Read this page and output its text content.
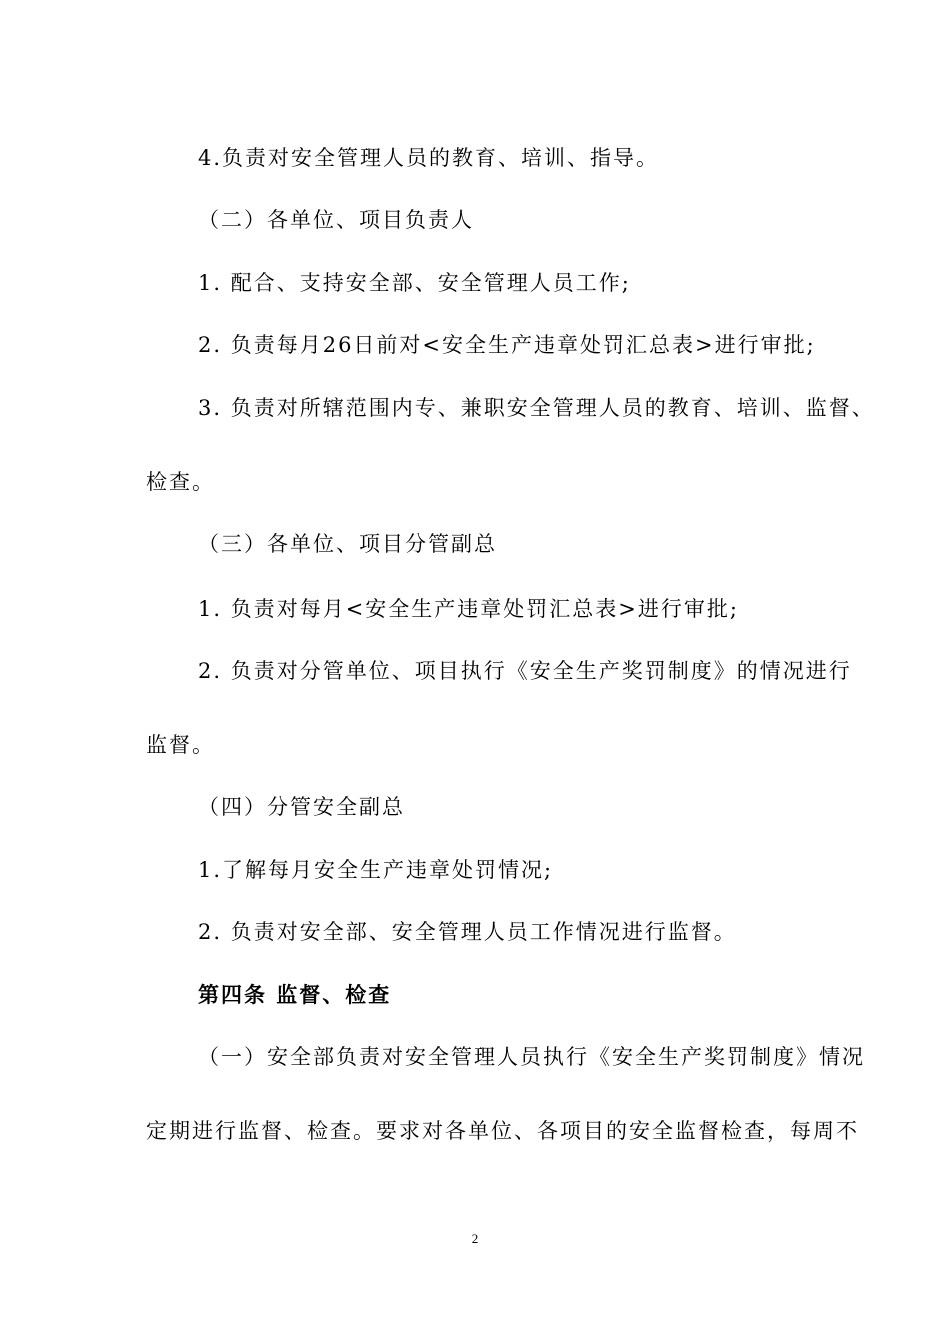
4.负责对安全管理人员的教育、培训、指导。
（二）各单位、项目负责人
1. 配合、支持安全部、安全管理人员工作;
2. 负责每月26日前对<安全生产违章处罚汇总表>进行审批;
3. 负责对所辖范围内专、兼职安全管理人员的教育、培训、监督、
检查。
（三）各单位、项目分管副总
1. 负责对每月<安全生产违章处罚汇总表>进行审批;
2. 负责对分管单位、项目执行《安全生产奖罚制度》的情况进行
监督。
（四）分管安全副总
1.了解每月安全生产违章处罚情况;
2. 负责对安全部、安全管理人员工作情况进行监督。
第四条 监督、检查
（一）安全部负责对安全管理人员执行《安全生产奖罚制度》情况
定期进行监督、检查。要求对各单位、各项目的安全监督检查，每周不
2
